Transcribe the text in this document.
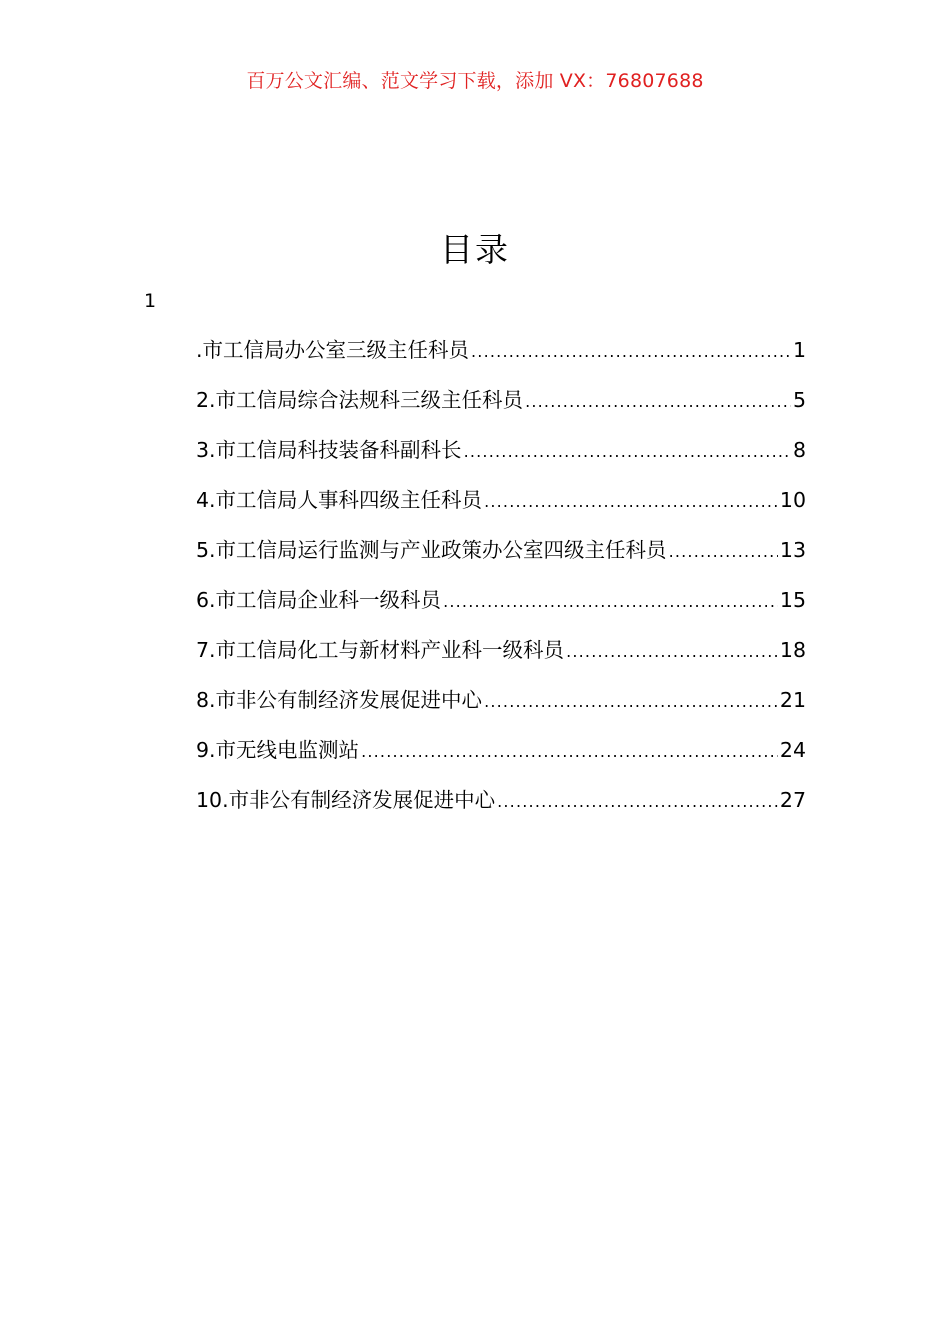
百万公文汇编、范文学习下载，添加 VX：76807688
目录
1
.市工信局办公室三级主任科员 .....	1
2.市工信局综合法规科三级主任科员 .....	5
3.市工信局科技装备科副科长 .....	8
4.市工信局人事科四级主任科员 .....	10
5.市工信局运行监测与产业政策办公室四级主任科员 .....	13
6.市工信局企业科一级科员 .....	15
7.市工信局化工与新材料产业科一级科员 .....	18
8.市非公有制经济发展促进中心 .....	21
9.市无线电监测站 .....	24
10.市非公有制经济发展促进中心 .....	27
